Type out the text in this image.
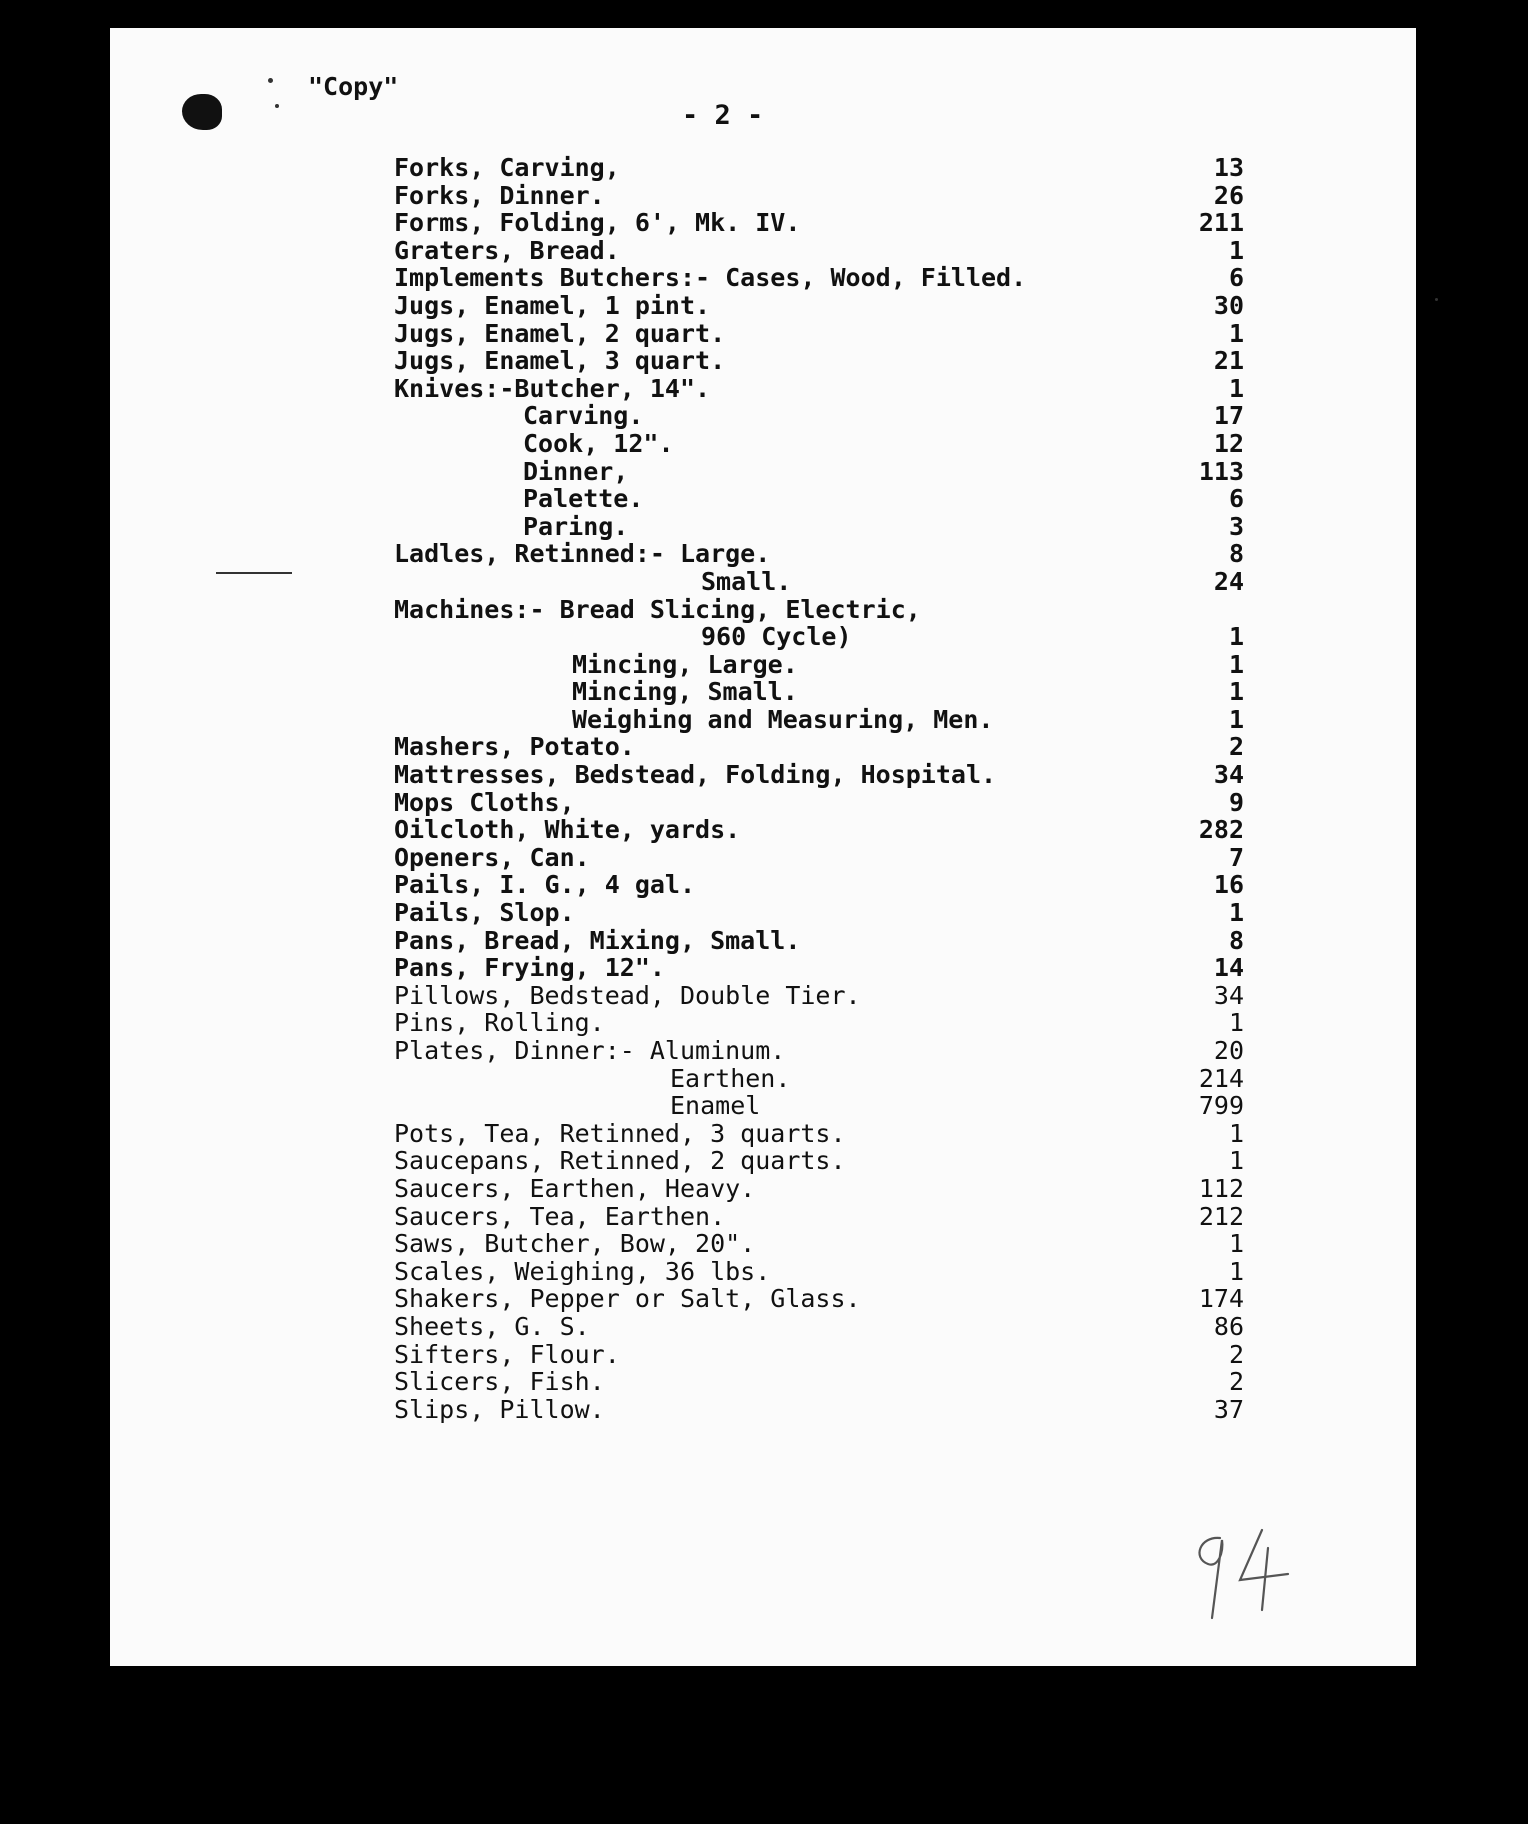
"Copy"
- 2 -
Forks, Carving,	13
Forks, Dinner.	26
Forms, Folding, 6', Mk. IV.	211
Graters, Bread.	1
Implements Butchers:- Cases, Wood, Filled.	6
Jugs, Enamel, 1 pint.	30
Jugs, Enamel, 2 quart.	1
Jugs, Enamel, 3 quart.	21
Knives:-Butcher, 14".	1
Carving.	17
Cook, 12".	12
Dinner,	113
Palette.	6
Paring.	3
Ladles, Retinned:- Large.	8
Small.	24
Machines:- Bread Slicing, Electric,
960 Cycle)	1
Mincing, Large.	1
Mincing, Small.	1
Weighing and Measuring, Men.	1
Mashers, Potato.	2
Mattresses, Bedstead, Folding, Hospital.	34
Mops Cloths,	9
Oilcloth, White, yards.	282
Openers, Can.	7
Pails, I. G., 4 gal.	16
Pails, Slop.	1
Pans, Bread, Mixing, Small.	8
Pans, Frying, 12".	14
Pillows, Bedstead, Double Tier.	34
Pins, Rolling.	1
Plates, Dinner:- Aluminum.	20
Earthen.	214
Enamel	799
Pots, Tea, Retinned, 3 quarts.	1
Saucepans, Retinned, 2 quarts.	1
Saucers, Earthen, Heavy.	112
Saucers, Tea, Earthen.	212
Saws, Butcher, Bow, 20".	1
Scales, Weighing, 36 lbs.	1
Shakers, Pepper or Salt, Glass.	174
Sheets, G. S.	86
Sifters, Flour.	2
Slicers, Fish.	2
Slips, Pillow.	37
